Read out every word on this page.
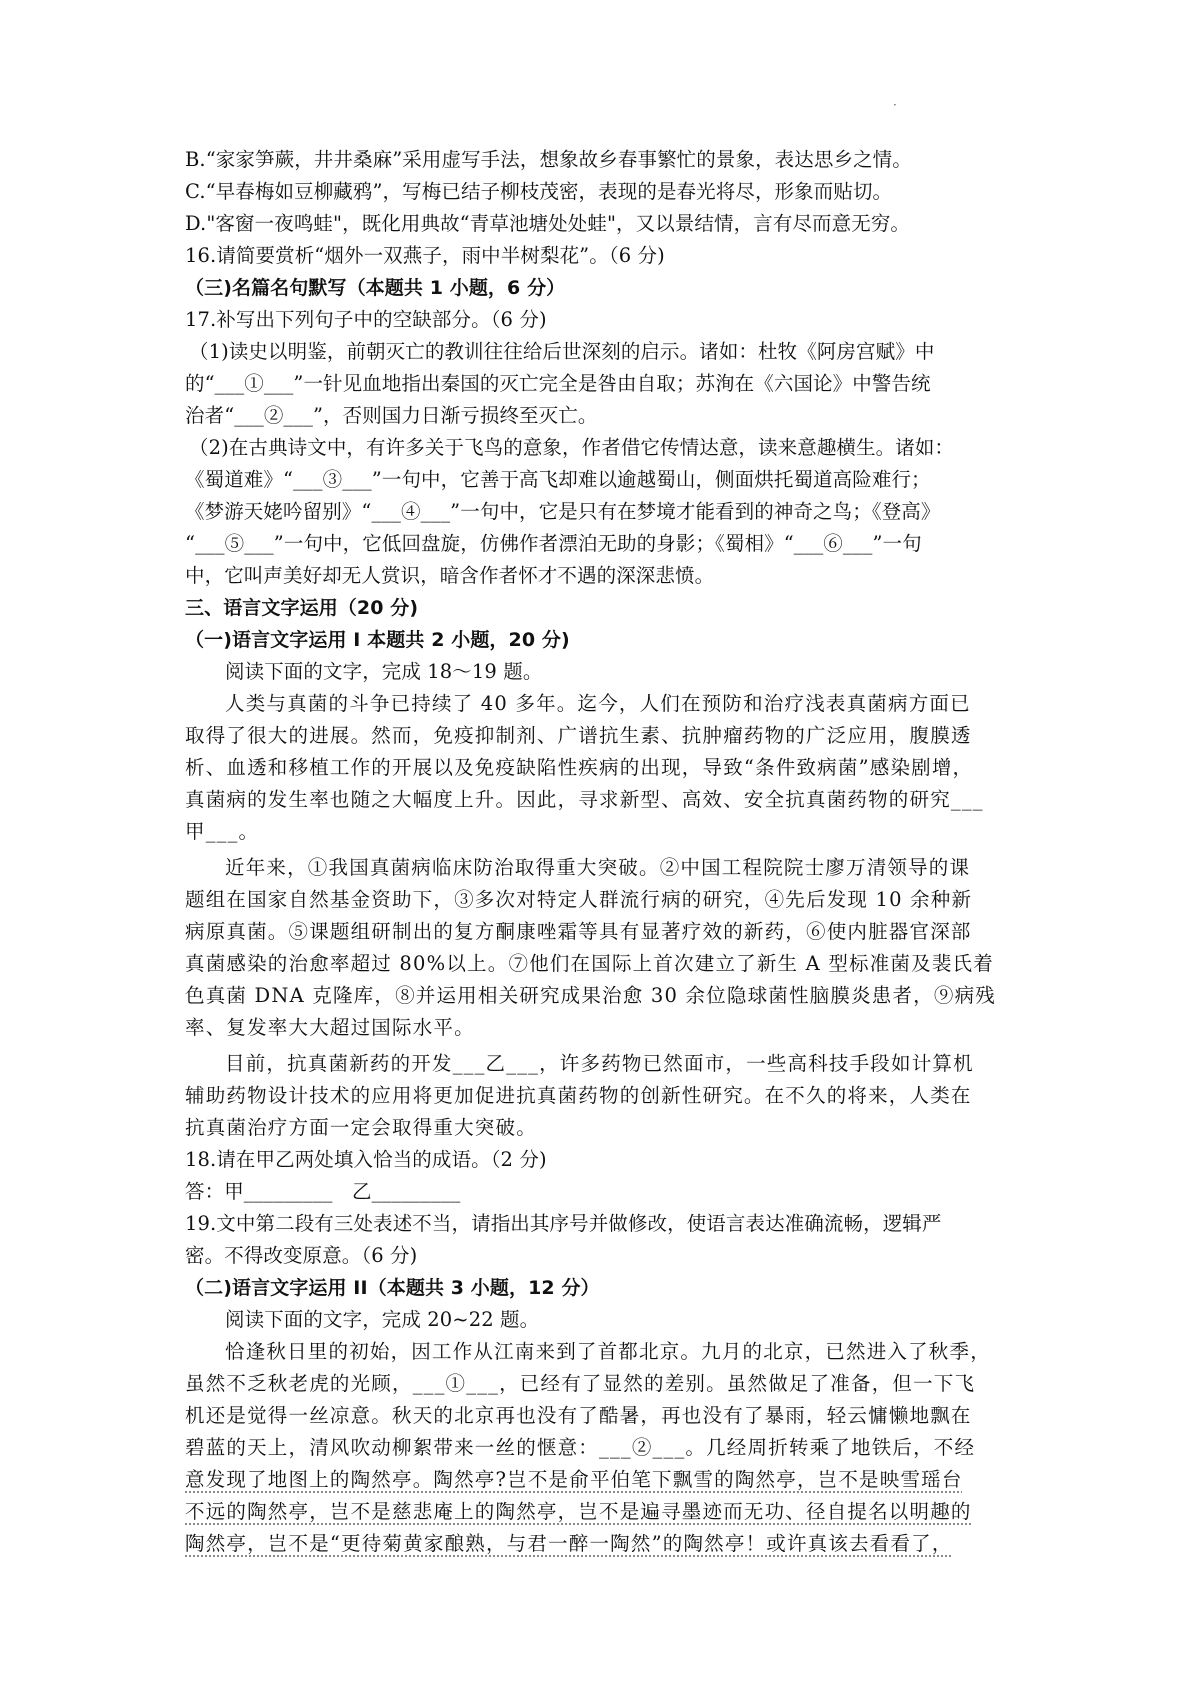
·
B.“家家笋蕨，井井桑麻”采用虚写手法，想象故乡春事繁忙的景象，表达思乡之情。
C.“早春梅如豆柳藏鸦”，写梅已结子柳枝茂密，表现的是春光将尽，形象而贴切。
D."客窗一夜鸣蛙"，既化用典故“青草池塘处处蛙"，又以景结情，言有尽而意无穷。
16.请简要赏析“烟外一双燕子，雨中半树梨花”。（6 分)
（三)名篇名句默写（本题共 1 小题，6 分）
17.补写出下列句子中的空缺部分。（6 分)
（1)读史以明鉴，前朝灭亡的教训往往给后世深刻的启示。诸如：杜牧《阿房宫赋》中
的“___①___”一针见血地指出秦国的灭亡完全是咎由自取；苏洵在《六国论》中警告统
治者“___②___”，否则国力日渐亏损终至灭亡。
（2)在古典诗文中，有许多关于飞鸟的意象，作者借它传情达意，读来意趣横生。诸如：
《蜀道难》“___③___”一句中，它善于高飞却难以逾越蜀山，侧面烘托蜀道高险难行；
《梦游天姥吟留别》“___④___”一句中，它是只有在梦境才能看到的神奇之鸟；《登高》
“___⑤___”一句中，它低回盘旋，仿佛作者漂泊无助的身影；《蜀相》“___⑥___”一句
中，它叫声美好却无人赏识，暗含作者怀才不遇的深深悲愤。
三、语言文字运用（20 分)
（一)语言文字运用 I 本题共 2 小题，20 分)
阅读下面的文字，完成 18～19 题。
人类与真菌的斗争已持续了 40 多年。迄今，人们在预防和治疗浅表真菌病方面已
取得了很大的进展。然而，免疫抑制剂、广谱抗生素、抗肿瘤药物的广泛应用，腹膜透
析、血透和移植工作的开展以及免疫缺陷性疾病的出现，导致“条件致病菌”感染剧增，
真菌病的发生率也随之大幅度上升。因此，寻求新型、高效、安全抗真菌药物的研究___
甲___。
近年来，①我国真菌病临床防治取得重大突破。②中国工程院院士廖万清领导的课
题组在国家自然基金资助下，③多次对特定人群流行病的研究，④先后发现 10 余种新
病原真菌。⑤课题组研制出的复方酮康唑霜等具有显著疗效的新药，⑥使内脏器官深部
真菌感染的治愈率超过 80%以上。⑦他们在国际上首次建立了新生 A 型标准菌及裴氏着
色真菌 DNA 克隆库，⑧并运用相关研究成果治愈 30 余位隐球菌性脑膜炎患者，⑨病残
率、复发率大大超过国际水平。
目前，抗真菌新药的开发___乙___，许多药物已然面市，一些高科技手段如计算机
辅助药物设计技术的应用将更加促进抗真菌药物的创新性研究。在不久的将来，人类在
抗真菌治疗方面一定会取得重大突破。
18.请在甲乙两处填入恰当的成语。（2 分)
答：甲_________　乙_________
19.文中第二段有三处表述不当，请指出其序号并做修改，使语言表达准确流畅，逻辑严
密。不得改变原意。（6 分)
（二)语言文字运用 II（本题共 3 小题，12 分）
阅读下面的文字，完成 20~22 题。
恰逢秋日里的初始，因工作从江南来到了首都北京。九月的北京，已然进入了秋季，
虽然不乏秋老虎的光顾，___①___，已经有了显然的差别。虽然做足了准备，但一下飞
机还是觉得一丝凉意。秋天的北京再也没有了酷暑，再也没有了暴雨，轻云慵懒地飘在
碧蓝的天上，清风吹动柳絮带来一丝的惬意：___②___。几经周折转乘了地铁后，不经
意发现了地图上的陶然亭。陶然亭?岂不是俞平伯笔下飘雪的陶然亭，岂不是映雪瑶台
不远的陶然亭，岂不是慈悲庵上的陶然亭，岂不是遍寻墨迹而无功、径自提名以明趣的
陶然亭，岂不是“更待菊黄家酿熟，与君一醉一陶然”的陶然亭！或许真该去看看了，
